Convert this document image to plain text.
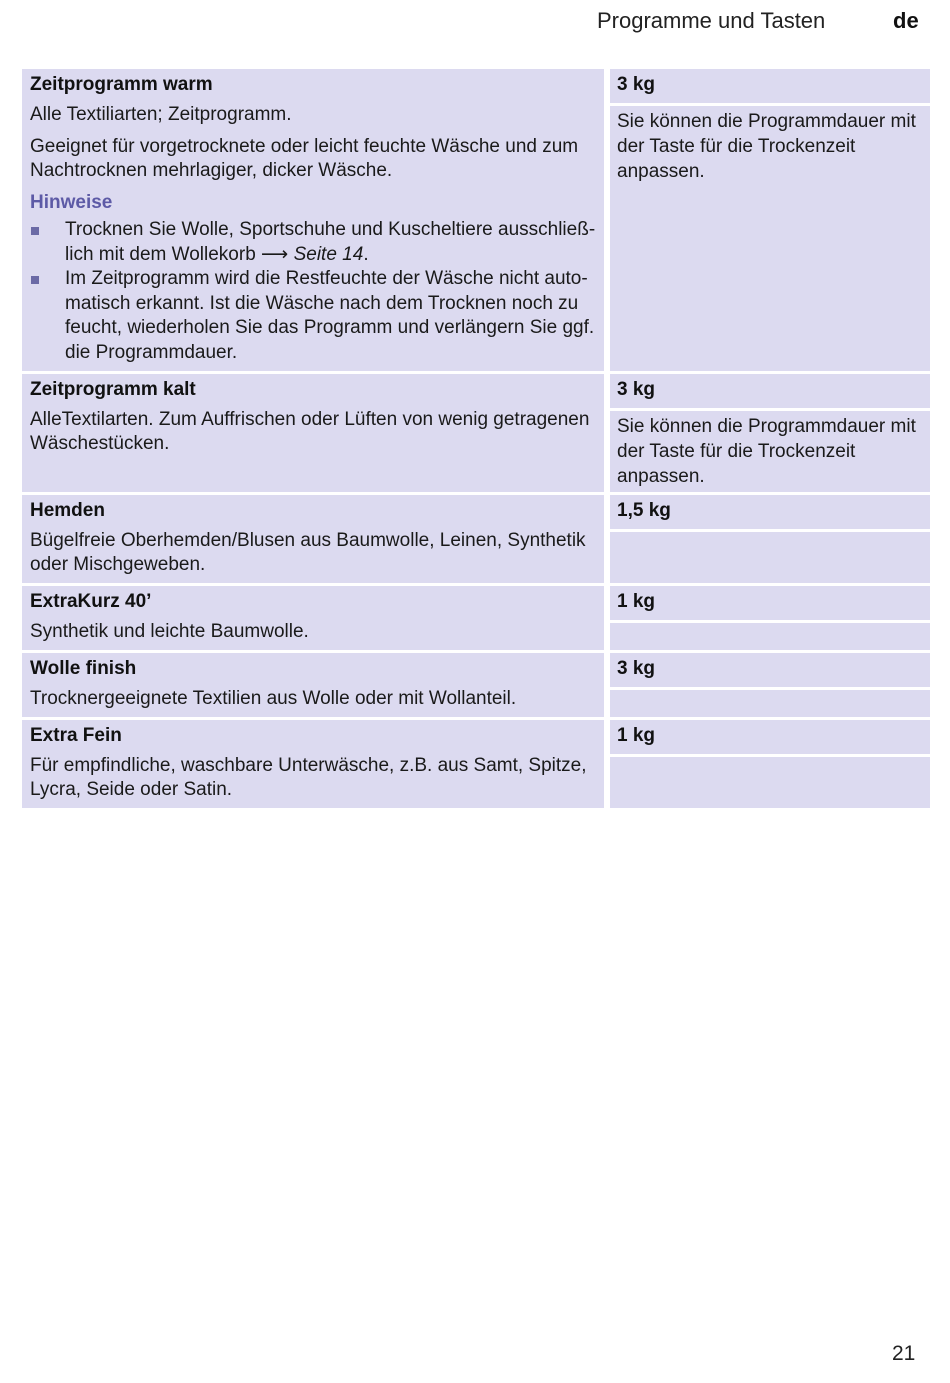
Programme und Tasten	de
Zeitprogramm warm

Alle Textiliarten; Zeitprogramm.

Geeignet für vorgetrocknete oder leicht feuchte Wäsche und zum Nachtrocknen mehrlagiger, dicker Wäsche.

Hinweise
Trocknen Sie Wolle, Sportschuhe und Kuscheltiere ausschließ-lich mit dem Wollekorb ⟶ Seite 14.
Im Zeitprogramm wird die Restfeuchte der Wäsche nicht auto-matisch erkannt. Ist die Wäsche nach dem Trocknen noch zu feucht, wiederholen Sie das Programm und verlängern Sie ggf. die Programmdauer.
3 kg
Sie können die Programmdauer mit der Taste für die Trockenzeit anpassen.
Zeitprogramm kalt

AlleTextilarten. Zum Auffrischen oder Lüften von wenig getragenen Wäschestücken.

3 kg
Sie können die Programmdauer mit der Taste für die Trockenzeit anpassen.
Hemden

Bügelfreie Oberhemden/Blusen aus Baumwolle, Leinen, Synthetik oder Mischgeweben.

1,5 kg
ExtraKurz 40’

Synthetik und leichte Baumwolle.

1 kg
Wolle finish

Trocknergeeignete Textilien aus Wolle oder mit Wollanteil.

3 kg
Extra Fein

Für empfindliche, waschbare Unterwäsche, z.B. aus Samt, Spitze, Lycra, Seide oder Satin.

1 kg
21
